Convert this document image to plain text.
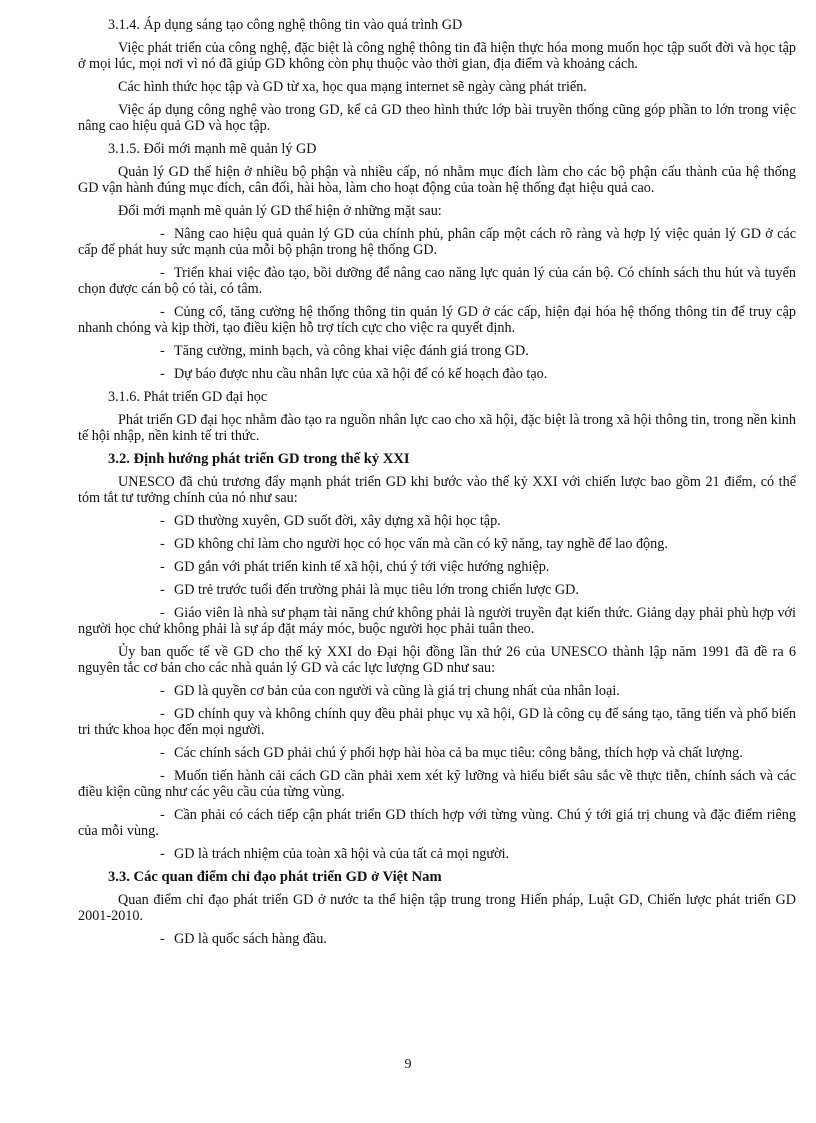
3.1.4. Áp dụng sáng tạo công nghệ thông tin vào quá trình GD
Việc phát triển của công nghệ, đặc biệt là công nghệ thông tin đã hiện thực hóa mong muốn học tập suốt đời và học tập ở mọi lúc, mọi nơi vì nó đã giúp GD không còn phụ thuộc vào thời gian, địa điểm và khoảng cách.
Các hình thức học tập và GD từ xa, học qua mạng internet sẽ ngày càng phát triển.
Việc áp dụng công nghệ vào trong GD, kể cả GD theo hình thức lớp bài truyền thống cũng góp phần to lớn trong việc nâng cao hiệu quả GD và học tập.
3.1.5. Đổi mới mạnh mẽ quản lý GD
Quản lý GD thể hiện ở nhiều bộ phận và nhiều cấp, nó nhằm mục đích làm cho các bộ phận cấu thành của hệ thống GD vận hành đúng mục đích, cân đối, hài hòa, làm cho hoạt động của toàn hệ thống đạt hiệu quả cao.
Đổi mới mạnh mẽ quản lý GD thể hiện ở những mặt sau:
- Nâng cao hiệu quả quản lý GD của chính phủ, phân cấp một cách rõ ràng và hợp lý việc quản lý GD ở các cấp để phát huy sức mạnh của mỗi bộ phận trong hệ thống GD.
- Triển khai việc đào tạo, bồi dưỡng để nâng cao năng lực quản lý của cán bộ. Có chính sách thu hút và tuyển chọn được cán bộ có tài, có tâm.
- Củng cố, tăng cường hệ thống thông tin quản lý GD ở các cấp, hiện đại hóa hệ thống thông tin để truy cập nhanh chóng và kịp thời, tạo điều kiện hỗ trợ tích cực cho việc ra quyết định.
- Tăng cường, minh bạch, và công khai việc đánh giá trong GD.
- Dự báo được nhu cầu nhân lực của xã hội để có kế hoạch đào tạo.
3.1.6. Phát triển GD đại học
Phát triển GD đại học nhằm đào tạo ra nguồn nhân lực cao cho xã hội, đặc biệt là trong xã hội thông tin, trong nền kinh tế hội nhập, nền kinh tế tri thức.
3.2. Định hướng phát triển GD trong thế kỷ XXI
UNESCO đã chủ trương đẩy mạnh phát triển GD khi bước vào thế kỷ XXI với chiến lược bao gồm 21 điểm, có thể tóm tắt tư tưởng chính của nó như sau:
- GD thường xuyên, GD suốt đời, xây dựng xã hội học tập.
- GD không chỉ làm cho người học có học vấn mà cần có kỹ năng, tay nghề để lao động.
- GD gắn với phát triển kinh tế xã hội, chú ý tới việc hướng nghiệp.
- GD trẻ trước tuổi đến trường phải là mục tiêu lớn trong chiến lược GD.
- Giáo viên là nhà sư phạm tài năng chứ không phải là người truyền đạt kiến thức. Giảng dạy phải phù hợp với người học chứ không phải là sự áp đặt máy móc, buộc người học phải tuân theo.
Ủy ban quốc tế về GD cho thế kỷ XXI do Đại hội đồng lần thứ 26 của UNESCO thành lập năm 1991 đã đề ra 6 nguyên tắc cơ bản cho các nhà quản lý GD và các lực lượng GD như sau:
- GD là quyền cơ bản của con người và cũng là giá trị chung nhất của nhân loại.
- GD chính quy và không chính quy đều phải phục vụ xã hội, GD là công cụ để sáng tạo, tăng tiến và phổ biến tri thức khoa học đến mọi người.
- Các chính sách GD phải chú ý phối hợp hài hòa cả ba mục tiêu: công bằng, thích hợp và chất lượng.
- Muốn tiến hành cải cách GD cần phải xem xét kỹ lưỡng và hiểu biết sâu sắc về thực tiễn, chính sách và các điều kiện cũng như các yêu cầu của từng vùng.
- Cần phải có cách tiếp cận phát triển GD thích hợp với từng vùng. Chú ý tới giá trị chung và đặc điểm riêng của mỗi vùng.
- GD là trách nhiệm của toàn xã hội và của tất cả mọi người.
3.3. Các quan điểm chỉ đạo phát triển GD ở Việt Nam
Quan điểm chỉ đạo phát triển GD ở nước ta thể hiện tập trung trong Hiến pháp, Luật GD, Chiến lược phát triển GD 2001-2010.
- GD là quốc sách hàng đầu.
9
